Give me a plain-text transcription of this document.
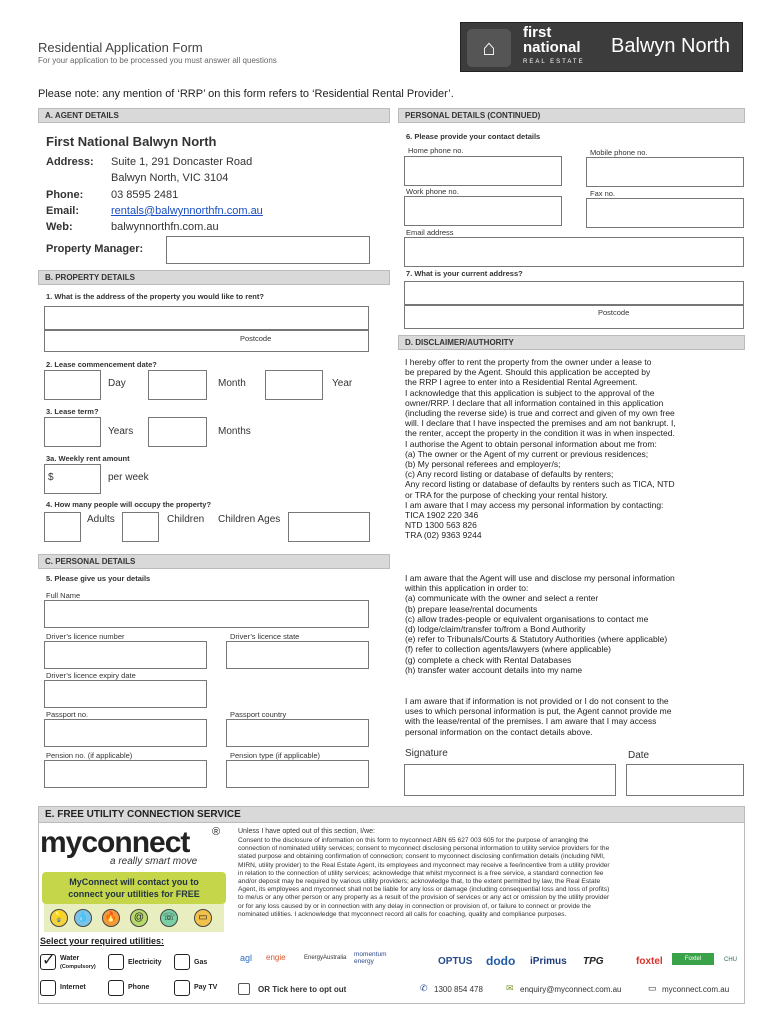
Residential Application Form
For your application to be processed you must answer all questions
⌂
first
national
REAL ESTATE
Balwyn North
Please note: any mention of ‘RRP’ on this form refers to ‘Residential Rental Provider’.
A. AGENT DETAILS
First National Balwyn North
Address: Suite 1, 291 Doncaster Road
Balwyn North, VIC 3104
Phone:	03 8595 2481
Email:	rentals@balwynnorthfn.com.au
Web:	balwynnorthfn.com.au
Property Manager:
B. PROPERTY DETAILS
1. What is the address of the property you would like to rent?
Postcode
2. Lease commencement date?
Day	Month	Year
3. Lease term?
Years	Months
3a. Weekly rent amount
$	per week
4. How many people will occupy the property?
Adults	Children Children Ages
C. PERSONAL DETAILS
5. Please give us your details
Full Name
Driver’s licence number	Driver’s licence state
Driver’s licence expiry date
Passport no.	Passport country
Pension no. (if applicable)	Pension type (if applicable)
PERSONAL DETAILS (CONTINUED)
6. Please provide your contact details
Home phone no.	Mobile phone no.
Work phone no.	Fax no.
Email address
7. What is your current address?
Postcode
D. DISCLAIMER/AUTHORITY
I hereby offer to rent the property from the owner under a lease to
be prepared by the Agent. Should this application be accepted by
the RRP I agree to enter into a Residential Rental Agreement.
I acknowledge that this application is subject to the approval of the
owner/RRP. I declare that all information contained in this application
(including the reverse side) is true and correct and given of my own free
will. I declare that I have inspected the premises and am not bankrupt. I,
the renter, accept the property in the condition it was in when inspected.
I authorise the Agent to obtain personal information about me from:
(a) The owner or the Agent of my current or previous residences;
(b) My personal referees and employer/s;
(c) Any record listing or database of defaults by renters;
Any record listing or database of defaults by renters such as TICA, NTD
or TRA for the purpose of checking your rental history.
I am aware that I may access my personal information by contacting:
TICA 1902 220 346
NTD 1300 563 826
TRA (02) 9363 9244
I am aware that the Agent will use and disclose my personal information
within this application in order to:
(a) communicate with the owner and select a renter
(b) prepare lease/rental documents
(c) allow trades-people or equivalent organisations to contact me
(d) lodge/claim/transfer to/from a Bond Authority
(e) refer to Tribunals/Courts & Statutory Authorities (where applicable)
(f) refer to collection agents/lawyers (where applicable)
(g) complete a check with Rental Databases
(h) transfer water account details into my name
I am aware that if information is not provided or I do not consent to the
uses to which personal information is put, the Agent cannot provide me
with the lease/rental of the premises. I am aware that I may access
personal information on the contact details above.
Signature	Date
E. FREE UTILITY CONNECTION SERVICE
myconnect ®
a really smart move
MyConnect will contact you to
connect your utilities for FREE
💡 💧 🔥	@	☏	▭
Select your required utilities:
✓ Water
(Compulsory)
Electricity	Gas
Internet	Phone	Pay TV
Unless I have opted out of this section, I/we:
Consent to the disclosure of information on this form to myconnect ABN 65 627 003 605 for the purpose of arranging the
connection of nominated utility services; consent to myconnect disclosing personal information to utility service providers for the
stated purpose and obtaining confirmation of connection; consent to myconnect disclosing confirmation details (including NMI,
MIRN, utility provider) to the Real Estate Agent, its employees and myconnect may receive a fee/incentive from a utility provider
in relation to the connection of utility services; acknowledge that whilst myconnect is a free service, a standard connection fee
and/or deposit may be required by various utility providers; acknowledge that, to the extent permitted by law, the Real Estate
Agent, its employees and myconnect shall not be liable for any loss or damage (including consequential loss and loss of profits)
to me/us or any other person or any property as a result of the provision of services or any act or omission by the utility provider
or for any loss caused by or in connection with any delay in connection or provision of, or failure to connect or provide the
nominated utilities. I acknowledge that myconnect record all calls for coaching, quality and compliance purposes.
agl engie	EnergyAustralia momentum energy	OPTUS dodo iPrimus TPG	foxtel	Foxtel	CHU
OR Tick here to opt out	✆ 1300 854 478	✉ enquiry@myconnect.com.au	▭ myconnect.com.au
